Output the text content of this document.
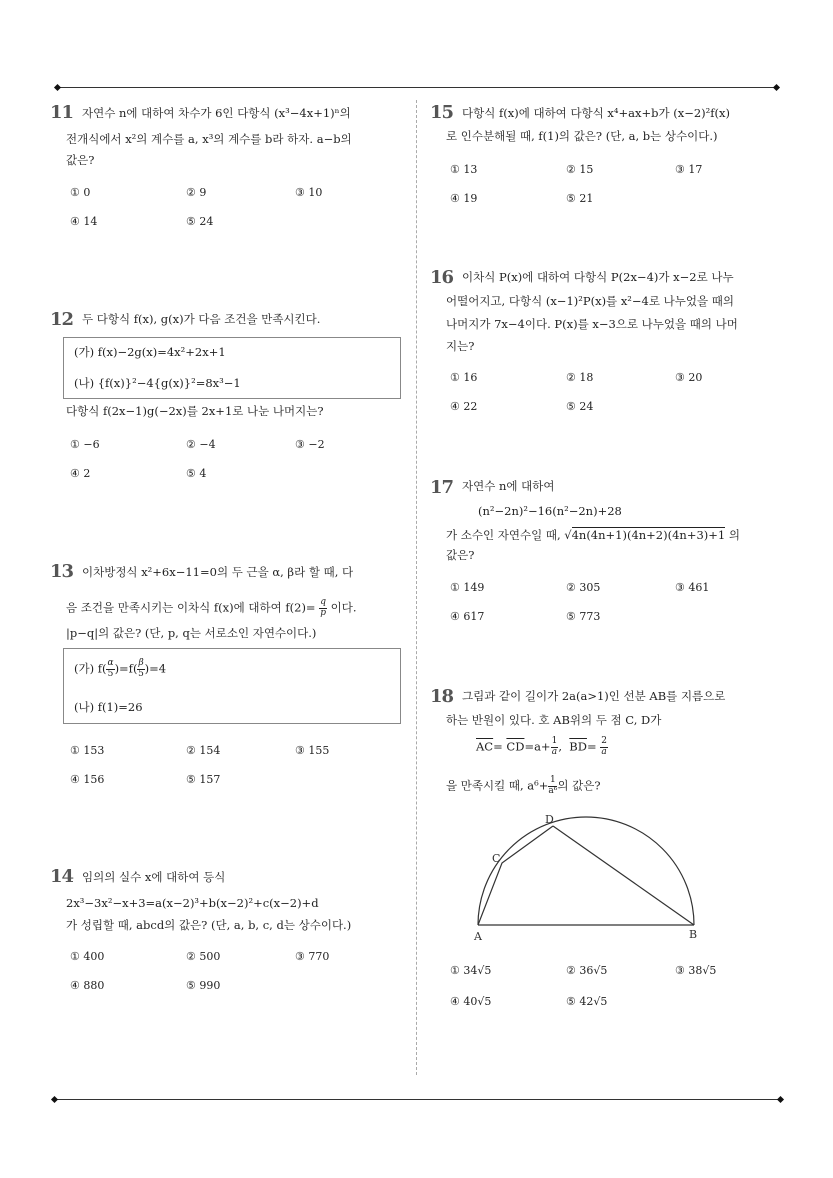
11 자연수 n에 대하여 차수가 6인 다항식 (x³−4x+1)ⁿ의
전개식에서 x²의 계수를 a, x³의 계수를 b라 하자. a−b의
값은?
① 0	② 9	③ 10
④ 14	⑤ 24
12 두 다항식 f(x), g(x)가 다음 조건을 만족시킨다.
(가) f(x)−2g(x)=4x²+2x+1
(나) {f(x)}²−4{g(x)}²=8x³−1
다항식 f(2x−1)g(−2x)를 2x+1로 나눈 나머지는?
① −6	② −4	③ −2
④ 2	⑤ 4
13 이차방정식 x²+6x−11=0의 두 근을 α, β라 할 때, 다
음 조건을 만족시키는 이차식 f(x)에 대하여 $f(2)= \frac{q}{p}$ 이다.
|p−q|의 값은? (단, p, q는 서로소인 자연수이다.)
(가) $f( \frac{\alpha}{5} )=f( \frac{\beta}{5} )=4$
(나) f(1)=26
① 153	② 154	③ 155
④ 156	⑤ 157
14 임의의 실수 x에 대하여 등식
2x³−3x²−x+3=a(x−2)³+b(x−2)²+c(x−2)+d
가 성립할 때, abcd의 값은? (단, a, b, c, d는 상수이다.)
① 400	② 500	③ 770
④ 880	⑤ 990
15 다항식 f(x)에 대하여 다항식 x⁴+ax+b가 (x−2)²f(x)
로 인수분해될 때, f(1)의 값은? (단, a, b는 상수이다.)
① 13	② 15	③ 17
④ 19	⑤ 21
16 이차식 P(x)에 대하여 다항식 P(2x−4)가 x−2로 나누
어떨어지고, 다항식 (x−1)²P(x)를 x²−4로 나누었을 때의
나머지가 7x−4이다. P(x)를 x−3으로 나누었을 때의 나머
지는?
① 16	② 18	③ 20
④ 22	⑤ 24
17 자연수 n에 대하여
(n²−2n)²−16(n²−2n)+28
가 소수인 자연수일 때, √4n(4n+1)(4n+2)(4n+3)+1 의
값은?
① 149	② 305	③ 461
④ 617	⑤ 773
18 그림과 같이 길이가 2a(a>1)인 선분 AB를 지름으로
하는 반원이 있다. 호 AB위의 두 점 C, D가
$\overline{AC}= \overline{CD}=a+ \frac{1}{a}$ ,  $\overline{BD}= \frac{2}{a}$
을 만족시킬 때, $a^6+ \frac{1}{\text{a⁶}}$ 의 값은?
A	B
C
D
① 34√5	② 36√5	③ 38√5
④ 40√5	⑤ 42√5
